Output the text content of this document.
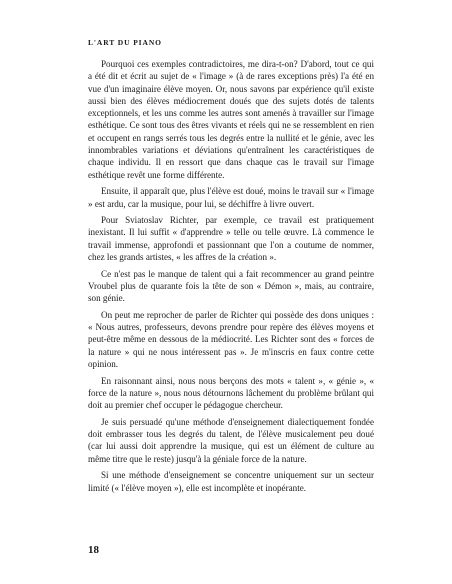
L'ART DU PIANO

Pourquoi ces exemples contradictoires, me dira-t-on? D'abord, tout ce qui a été dit et écrit au sujet de « l'image » (à de rares exceptions près) l'a été en vue d'un imaginaire élève moyen. Or, nous savons par expérience qu'il existe aussi bien des élèves médiocrement doués que des sujets dotés de talents exceptionnels, et les uns comme les autres sont amenés à travailler sur l'image esthétique. Ce sont tous des êtres vivants et réels qui ne se ressemblent en rien et occupent en rangs serrés tous les degrés entre la nullité et le génie, avec les innombrables variations et déviations qu'entraînent les caractéristiques de chaque individu. Il en ressort que dans chaque cas le travail sur l'image esthétique revêt une forme différente.

Ensuite, il apparaît que, plus l'élève est doué, moins le travail sur « l'image » est ardu, car la musique, pour lui, se déchiffre à livre ouvert.

Pour Sviatoslav Richter, par exemple, ce travail est pratiquement inexistant. Il lui suffit « d'apprendre » telle ou telle œuvre. Là commence le travail immense, approfondi et passionnant que l'on a coutume de nommer, chez les grands artistes, « les affres de la création ».

Ce n'est pas le manque de talent qui a fait recommencer au grand peintre Vroubel plus de quarante fois la tête de son « Démon », mais, au contraire, son génie.

On peut me reprocher de parler de Richter qui possède des dons uniques : « Nous autres, professeurs, devons prendre pour repère des élèves moyens et peut-être même en dessous de la médiocrité. Les Richter sont des « forces de la nature » qui ne nous intéressent pas ». Je m'inscris en faux contre cette opinion.

En raisonnant ainsi, nous nous berçons des mots « talent », « génie », « force de la nature », nous nous détournons lâchement du problème brûlant qui doit au premier chef occuper le pédagogue chercheur.

Je suis persuadé qu'une méthode d'enseignement dialectiquement fondée doit embrasser tous les degrés du talent, de l'élève musicalement peu doué (car lui aussi doit apprendre la musique, qui est un élément de culture au même titre que le reste) jusqu'à la géniale force de la nature.

Si une méthode d'enseignement se concentre uniquement sur un secteur limité (« l'élève moyen »), elle est incomplète et inopérante.

18
